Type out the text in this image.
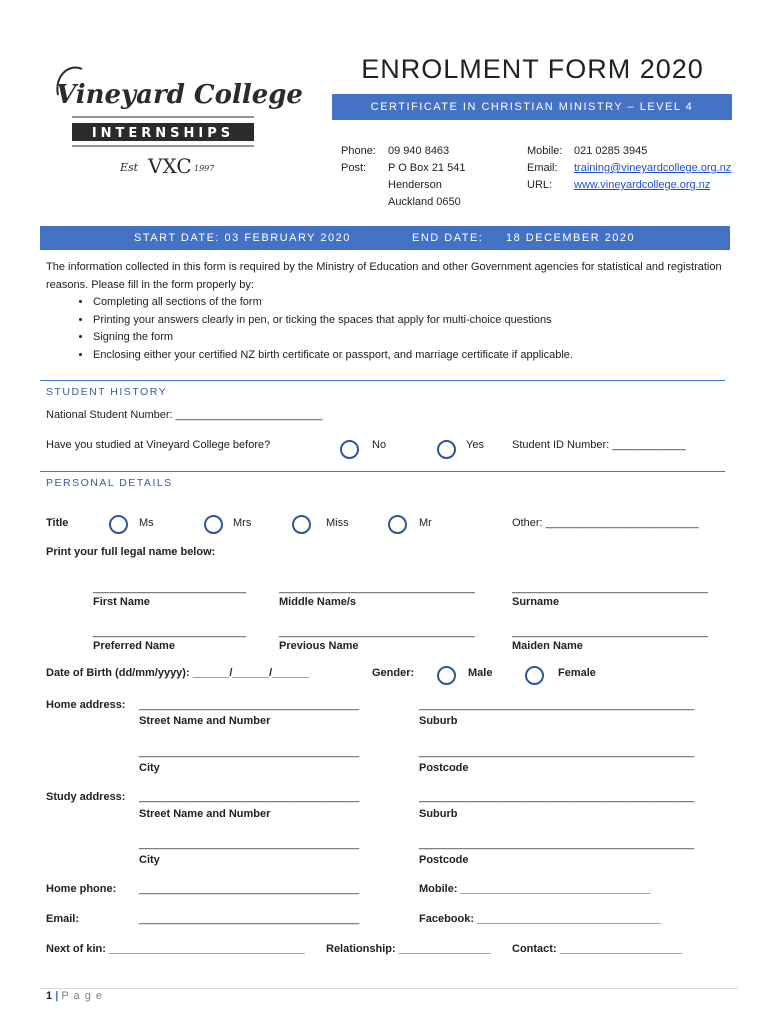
Vineyard College
INTERNSHIPS
Est VXC 1997
ENROLMENT FORM 2020
CERTIFICATE IN CHRISTIAN MINISTRY – LEVEL 4
Phone: 09 940 8463
Post: P O Box 21 541
Henderson
Auckland 0650
Mobile: 021 0285 3945
Email: training@vineyardcollege.org.nz
URL: www.vineyardcollege.org.nz
START DATE: 03 FEBRUARY 2020	END DATE: 18 DECEMBER 2020
The information collected in this form is required by the Ministry of Education and other Government agencies for statistical and registration reasons. Please fill in the form properly by:
• Completing all sections of the form
• Printing your answers clearly in pen, or ticking the spaces that apply for multi-choice questions
• Signing the form
• Enclosing either your certified NZ birth certificate or passport, and marriage certificate if applicable.
STUDENT HISTORY
National Student Number: ________________________
Have you studied at Vineyard College before?	No	Yes	Student ID Number: ____________
PERSONAL DETAILS
Title	Ms	Mrs	Miss	Mr	Other: _________________________
Print your full legal name below:
_________________________	________________________________	________________________________
First Name	Middle Name/s	Surname
_________________________	________________________________	________________________________
Preferred Name	Previous Name	Maiden Name
Date of Birth (dd/mm/yyyy): ______/______/______	Gender:	Male	Female
Home address: ____________________________________	_____________________________________________
Street Name and Number	Suburb
____________________________________	_____________________________________________
City	Postcode
Study address: ____________________________________	_____________________________________________
Street Name and Number	Suburb
____________________________________	_____________________________________________
City	Postcode
Home phone: ____________________________________	Mobile: _______________________________
Email:	____________________________________	Facebook: ______________________________
Next of kin: ________________________________ Relationship: _______________ Contact: ____________________
1 | P a g e
